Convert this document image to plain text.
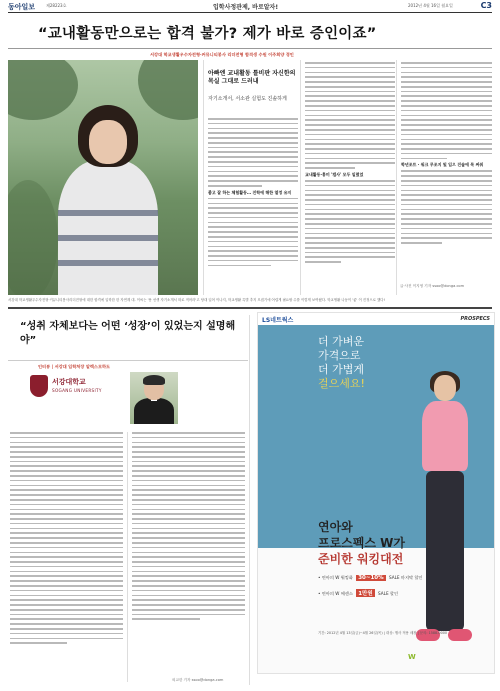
동아일보	제28223호	입학사정관제, 바로알자!	2012년 4월 16일 월요일	C3
“교내활동만으로는 합격 불가? 제가 바로 증인이죠”
서강대 학교생활우수자전형·커뮤니티봉사 리더전형 합격생 수원 이주희양 경인
서강대 학교생활우수자전형·커뮤니티봉사리더전형에 대한 합격에 입학한 한 자연계 대. 이씨는 '용 선생 자기소개서 따로 적어라'고 당대 입어 이나지, 학교생활 특별 추지 모집기에 어렵게 필요할 수를 이렇게 보여줬다. 학교생활 나동이 '좋' 이 진정으로 했다!
아빠엔 교내활동 틀비판 자신한의 목실 그대로 드러내
자기소개서, 서소관 실험도 진솔하게
좋고 잘 하는 체험활동… 진학에 해한 열정 유지
교내활동·흥미 '캠사' 모두 일렀었
학년조트 · 워크 무조지 및 입으 진술에 목 써줘
글·사진 이지영 기자 ssoo@donga.com
“성취 자체보다는 어떤 ‘성장’이 있었는지 설명해야”
인터뷰 | 서강대 입학처장 알렉스모하도
서강대학교
SOGANG UNIVERSITY
외교한 기자 ssoo@donga.com
LS네트웍스	PROSPECS
더 가벼운
가격으로
더 가볍게
걸으세요!
연아와
프로스펙스 W가
준비한 워킹대전
• 연아의 W 워킹화 30~10% SALE 마지막 할인
• 연아의 W 에센스 1만원 SALE 할인
기간: 2012년 4월 13일(금)~4월 26일(목) | 대상: 행사 적용 매장 | 문의: 1588-0000
W
